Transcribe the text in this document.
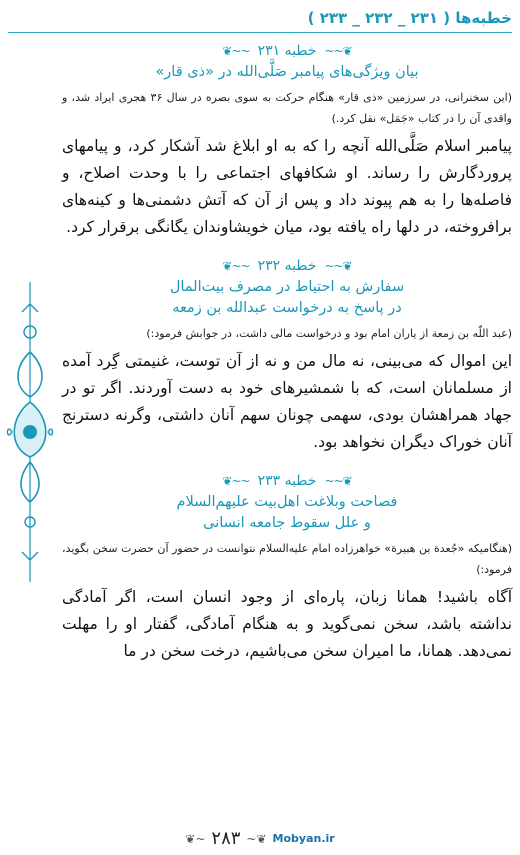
خطبه‌ها ( ۲۳۱ _ ۲۳۲ _ ۲۳۳ )
❦~~
خطبه ۲۳۱
~~❦
بیان ویژگی‌های پیامبر صَلَّی‌الله در «ذی قار»
(این سخنرانی، در سرزمین «ذی قار» هنگام حرکت به سوی بصره در سال ۳۶ هجری ایراد شد، و واقدی آن را در کتاب «جَمَل» نقل کرد.)
پیامبر اسلام صَلَّی‌الله آنچه را که به او ابلاغ شد آشکار کرد، و پیامهای پروردگارش را رساند. او شکافهای اجتماعی را با وحدت اصلاح، و فاصله‌ها را به هم پیوند داد و پس از آن که آتش دشمنی‌ها و کینه‌های برافروخته، در دلها راه یافته بود، میان خویشاوندان یگانگی برقرار کرد.
❦~~
خطبه ۲۳۲
~~❦
سفارش به احتیاط در مصرف بیت‌المال
در پاسخ به درخواست عبدالله بن زمعه
(عبد اللّه بن زمعة از یاران امام بود و درخواست مالی داشت، در جوابش فرمود:)
این اموال که می‌بینی، نه مال من و نه از آن توست، غنیمتی گِرد آمده از مسلمانان است، که با شمشیرهای خود به دست آوردند. اگر تو در جهاد همراهشان بودی، سهمی چونان سهم آنان داشتی، وگرنه دسترنج آنان خوراک دیگران نخواهد بود.
❦~~
خطبه ۲۳۳
~~❦
فصاحت وبلاغت اهل‌بیت علیهم‌السلام
و علل سقوط جامعه انسانی
(هنگامیکه «جُعدة بن هبیرة» خواهرزاده امام علیه‌السلام نتوانست در حضور آن حضرت سخن بگوید، فرمود:)
آگاه باشید! همانا زبان، پاره‌ای از وجود انسان است، اگر آمادگی نداشته باشد، سخن نمی‌گوید و به هنگام آمادگی، گفتار او را مهلت نمی‌دهد. همانا، ما امیران سخن می‌باشیم، درخت سخن در ما
Mobyan.ir
❦~
۲۸۳
~❦
